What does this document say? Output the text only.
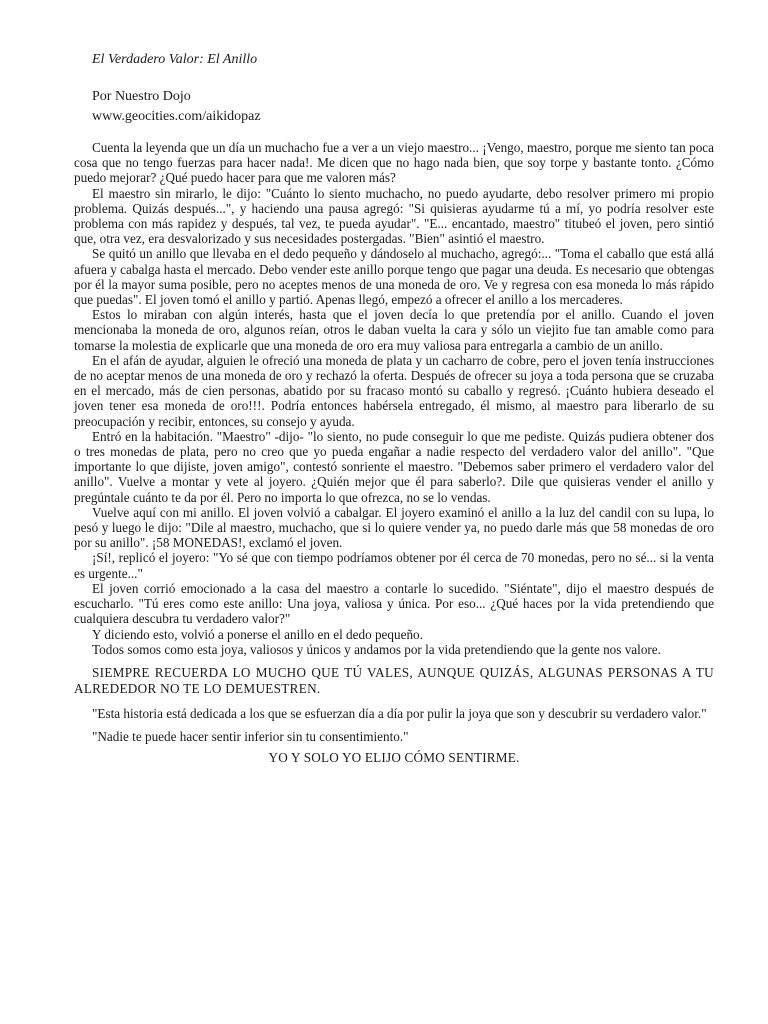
El Verdadero Valor: El Anillo

Por Nuestro Dojo
www.geocities.com/aikidopaz

Cuenta la leyenda que un día un muchacho fue a ver a un viejo maestro... ¡Vengo, maestro, porque me siento tan poca cosa que no tengo fuerzas para hacer nada!. Me dicen que no hago nada bien, que soy torpe y bastante tonto. ¿Cómo puedo mejorar? ¿Qué puedo hacer para que me valoren más?

El maestro sin mirarlo, le dijo: "Cuánto lo siento muchacho, no puedo ayudarte, debo resolver primero mi propio problema. Quizás después...", y haciendo una pausa agregó: "Si quisieras ayudarme tú a mí, yo podría resolver este problema con más rapidez y después, tal vez, te pueda ayudar". "E... encantado, maestro" titubeó el joven, pero sintió que, otra vez, era desvalorizado y sus necesidades postergadas. "Bien" asintió el maestro.

Se quitó un anillo que llevaba en el dedo pequeño y dándoselo al muchacho, agregó:... "Toma el caballo que está allá afuera y cabalga hasta el mercado. Debo vender este anillo porque tengo que pagar una deuda. Es necesario que obtengas por él la mayor suma posible, pero no aceptes menos de una moneda de oro. Ve y regresa con esa moneda lo más rápido que puedas". El joven tomó el anillo y partió. Apenas llegó, empezó a ofrecer el anillo a los mercaderes.

Estos lo miraban con algún interés, hasta que el joven decía lo que pretendía por el anillo. Cuando el joven mencionaba la moneda de oro, algunos reían, otros le daban vuelta la cara y sólo un viejito fue tan amable como para tomarse la molestia de explicarle que una moneda de oro era muy valiosa para entregarla a cambio de un anillo.

En el afán de ayudar, alguien le ofreció una moneda de plata y un cacharro de cobre, pero el joven tenía instrucciones de no aceptar menos de una moneda de oro y rechazó la oferta. Después de ofrecer su joya a toda persona que se cruzaba en el mercado, más de cien personas, abatido por su fracaso montó su caballo y regresó. ¡Cuánto hubiera deseado el joven tener esa moneda de oro!!!. Podría entonces habérsela entregado, él mismo, al maestro para liberarlo de su preocupación y recibir, entonces, su consejo y ayuda.

Entró en la habitación. "Maestro" -dijo- "lo siento, no pude conseguir lo que me pediste. Quizás pudiera obtener dos o tres monedas de plata, pero no creo que yo pueda engañar a nadie respecto del verdadero valor del anillo". "Que importante lo que dijiste, joven amigo", contestó sonriente el maestro. "Debemos saber primero el verdadero valor del anillo". Vuelve a montar y vete al joyero. ¿Quién mejor que él para saberlo?. Dile que quisieras vender el anillo y pregúntale cuánto te da por él. Pero no importa lo que ofrezca, no se lo vendas.

Vuelve aquí con mi anillo. El joven volvió a cabalgar. El joyero examinó el anillo a la luz del candil con su lupa, lo pesó y luego le dijo: "Dile al maestro, muchacho, que si lo quiere vender ya, no puedo darle más que 58 monedas de oro por su anillo". ¡58 MONEDAS!, exclamó el joven.

¡Sí!, replicó el joyero: "Yo sé que con tiempo podríamos obtener por él cerca de 70 monedas, pero no sé... si la venta es urgente..."

El joven corrió emocionado a la casa del maestro a contarle lo sucedido. "Siéntate", dijo el maestro después de escucharlo. "Tú eres como este anillo: Una joya, valiosa y única. Por eso... ¿Qué haces por la vida pretendiendo que cualquiera descubra tu verdadero valor?"

Y diciendo esto, volvió a ponerse el anillo en el dedo pequeño.

Todos somos como esta joya, valiosos y únicos y andamos por la vida pretendiendo que la gente nos valore.

SIEMPRE RECUERDA LO MUCHO QUE TÚ VALES, AUNQUE QUIZÁS, ALGUNAS PERSONAS A TU ALREDEDOR NO TE LO DEMUESTREN.

"Esta historia está dedicada a los que se esfuerzan día a día por pulir la joya que son y descubrir su verdadero valor."

"Nadie te puede hacer sentir inferior sin tu consentimiento."

YO Y SOLO YO ELIJO CÓMO SENTIRME.
